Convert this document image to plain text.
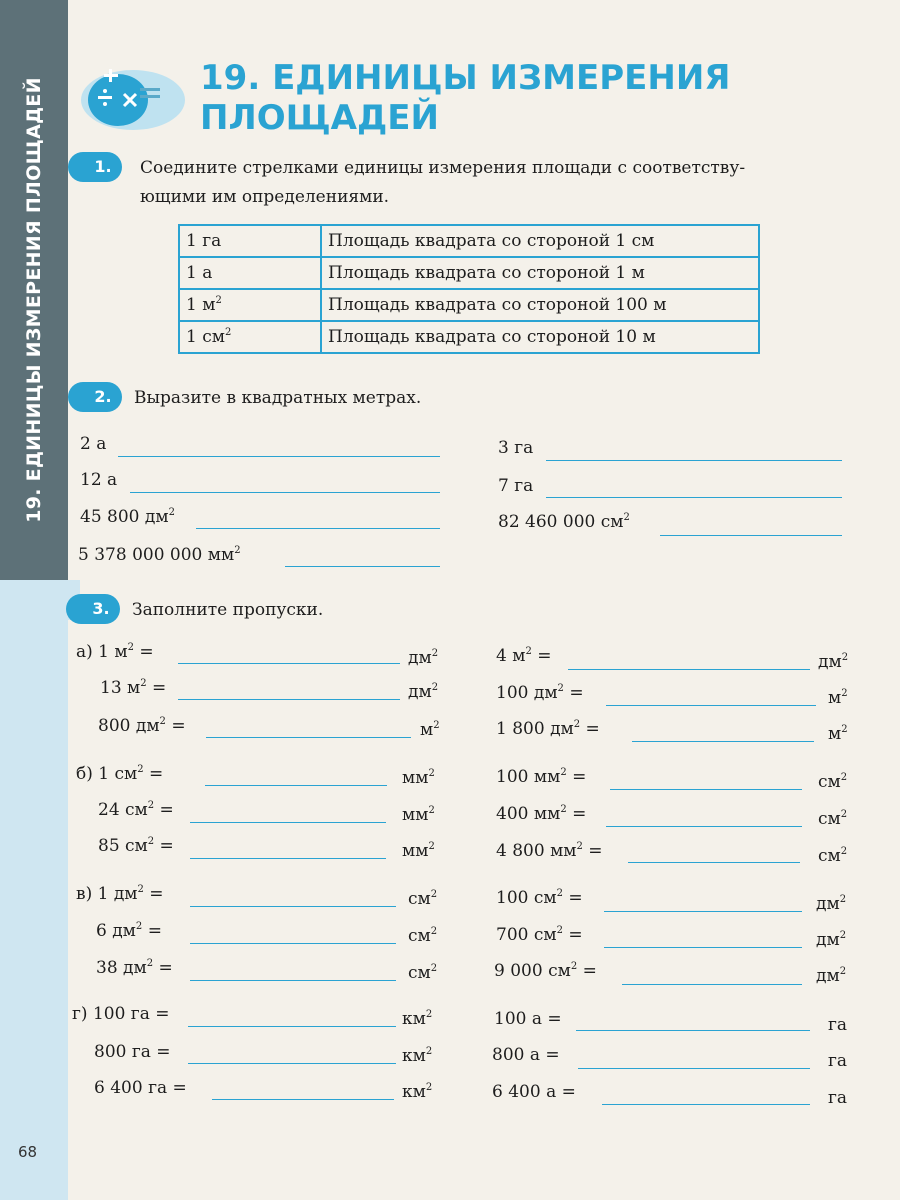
19. ЕДИНИЦЫ ИЗМЕРЕНИЯ ПЛОЩАДЕЙ
68
19. ЕДИНИЦЫ ИЗМЕРЕНИЯ
ПЛОЩАДЕЙ
1.	Соедините стрелками единицы измерения площади с соответству-
ющими им определениями.
1 га	Площадь квадрата со стороной 1 см
1 а	Площадь квадрата со стороной 1 м
1 $м^2$	Площадь квадрата со стороной 100 м
1 $см^2$	Площадь квадрата со стороной 10 м
2.	Выразите в квадратных метрах.
2 а
12 а
45 800 $дм^2$
5 378 000 000 $мм^2$
3 га
7 га
82 460 000 $см^2$
3.	Заполните пропуски.
а) 1 $м^2$ =	$дм^2$
13 $м^2$ =	$дм^2$
800 $дм^2$ =	$м^2$
4 $м^2$ =	$дм^2$
100 $дм^2$ =	$м^2$
1 800 $дм^2$ =	$м^2$
б) 1 $см^2$ =	$мм^2$
24 $см^2$ =	$мм^2$
85 $см^2$ =	$мм^2$
100 $мм^2$ =	$см^2$
400 $мм^2$ =	$см^2$
4 800 $мм^2$ =	$см^2$
в) 1 $дм^2$ =	$см^2$
6 $дм^2$ =	$см^2$
38 $дм^2$ =	$см^2$
100 $см^2$ =	$дм^2$
700 $см^2$ =	$дм^2$
9 000 $см^2$ =	$дм^2$
г) 100 га =	$км^2$
800 га =	$км^2$
6 400 га =	$км^2$
100 а =	га
800 а =	га
6 400 а =	га
